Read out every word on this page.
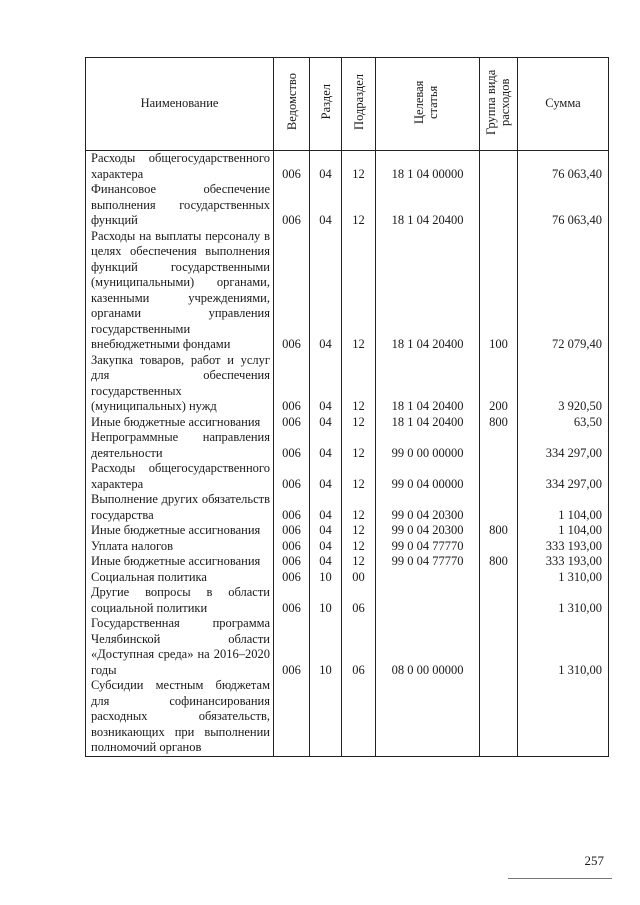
Наименование	Ведомство	Раздел	Подраздел	Целевая статья	Группа вида расходов	Сумма
Расходы общегосударственного характера	006	04	12	18 1 04 00000		76 063,40
Финансовое обеспечение выполнения государственных функций	006	04	12	18 1 04 20400		76 063,40
Расходы на выплаты персоналу в целях обеспечения выполнения функций государственными (муниципальными) органами, казенными учреждениями, органами управления государственными внебюджетными фондами	006	04	12	18 1 04 20400	100	72 079,40
Закупка товаров, работ и услуг для обеспечения государственных (муниципальных) нужд	006	04	12	18 1 04 20400	200	3 920,50
Иные бюджетные ассигнования	006	04	12	18 1 04 20400	800	63,50
Непрограммные направления деятельности	006	04	12	99 0 00 00000		334 297,00
Расходы общегосударственного характера	006	04	12	99 0 04 00000		334 297,00
Выполнение других обязательств государства	006	04	12	99 0 04 20300		1 104,00
Иные бюджетные ассигнования	006	04	12	99 0 04 20300	800	1 104,00
Уплата налогов	006	04	12	99 0 04 77770		333 193,00
Иные бюджетные ассигнования	006	04	12	99 0 04 77770	800	333 193,00
Социальная политика	006	10	00			1 310,00
Другие вопросы в области социальной политики	006	10	06			1 310,00
Государственная программа Челябинской области «Доступная среда» на 2016–2020 годы	006	10	06	08 0 00 00000		1 310,00
Субсидии местным бюджетам для софинансирования расходных обязательств, возникающих при выполнении полномочий органов						
257
